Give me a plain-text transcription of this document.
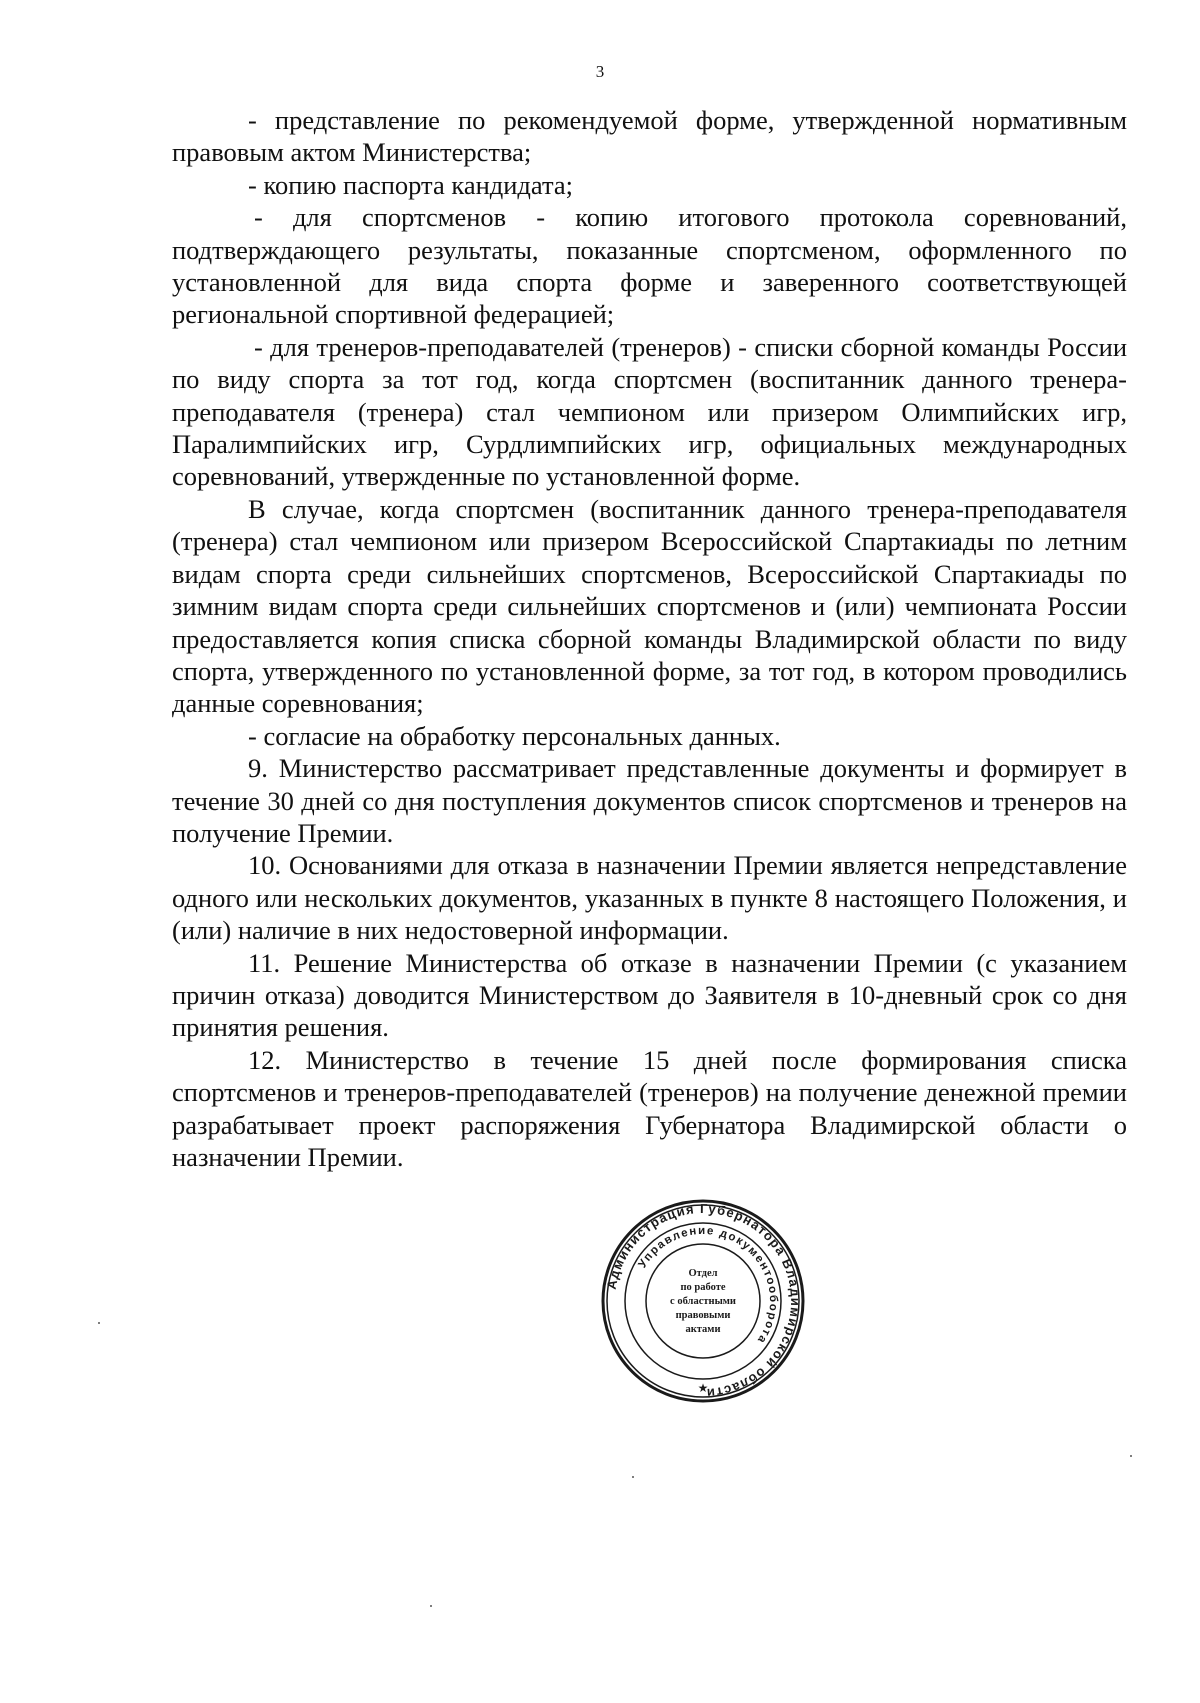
3

- представление по рекомендуемой форме, утвержденной нормативным правовым актом Министерства;

- копию паспорта кандидата;

- для спортсменов - копию итогового протокола соревнований, подтверждающего результаты, показанные спортсменом, оформленного по установленной для вида спорта форме и заверенного соответствующей региональной спортивной федерацией;

- для тренеров-преподавателей (тренеров) - списки сборной команды России по виду спорта за тот год, когда спортсмен (воспитанник данного тренера-преподавателя (тренера) стал чемпионом или призером Олимпийских игр, Паралимпийских игр, Сурдлимпийских игр, официальных международных соревнований, утвержденные по установленной форме.

В случае, когда спортсмен (воспитанник данного тренера-преподавателя (тренера) стал чемпионом или призером Всероссийской Спартакиады по летним видам спорта среди сильнейших спортсменов, Всероссийской Спартакиады по зимним видам спорта среди сильнейших спортсменов и (или) чемпионата России предоставляется копия списка сборной команды Владимирской области по виду спорта, утвержденного по установленной форме, за тот год, в котором проводились данные соревнования;

- согласие на обработку персональных данных.

9. Министерство рассматривает представленные документы и формирует в течение 30 дней со дня поступления документов список спортсменов и тренеров на получение Премии.

10. Основаниями для отказа в назначении Премии является непредставление одного или нескольких документов, указанных в пункте 8 настоящего Положения, и (или) наличие в них недостоверной информации.

11. Решение Министерства об отказе в назначении Премии (с указанием причин отказа) доводится Министерством до Заявителя в 10-дневный срок со дня принятия решения.

12. Министерство в течение 15 дней после формирования списка спортсменов и тренеров-преподавателей (тренеров) на получение денежной премии разрабатывает проект распоряжения Губернатора Владимирской области о назначении Премии.

Администрация Губернатора Владимирской области
Управление документооборота
★
Отдел
по работе
с областными
правовыми
актами
